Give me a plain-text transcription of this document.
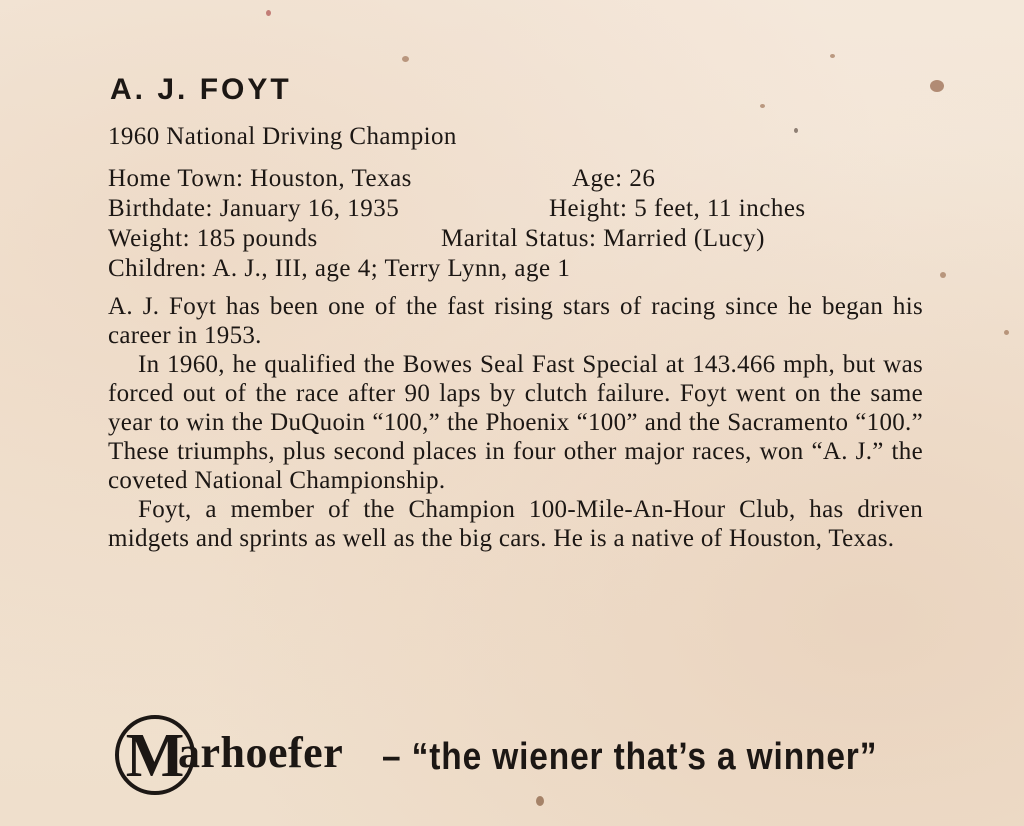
A. J. FOYT
1960 National Driving Champion
Home Town: Houston, Texas	Age: 26
Birthdate: January 16, 1935	Height: 5 feet, 11 inches
Weight: 185 pounds	Marital Status: Married (Lucy)
Children: A. J., III, age 4; Terry Lynn, age 1

A. J. Foyt has been one of the fast rising stars of racing since he began his career in 1953.

In 1960, he qualified the Bowes Seal Fast Special at 143.466 mph, but was forced out of the race after 90 laps by clutch failure. Foyt went on the same year to win the DuQuoin “100,” the Phoenix “100” and the Sacramento “100.” These triumphs, plus second places in four other major races, won “A. J.” the coveted National Championship.

Foyt, a member of the Champion 100-Mile-An-Hour Club, has driven midgets and sprints as well as the big cars. He is a native of Houston, Texas.

M
arhoefer – “the wiener that’s a winner”
